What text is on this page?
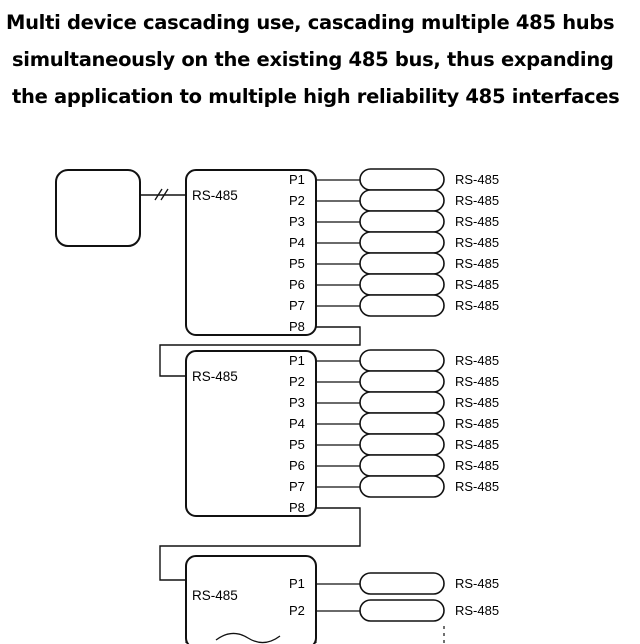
Multi device cascading use, cascading multiple 485 hubs
simultaneously on the existing 485 bus, thus expanding
the application to multiple high reliability 485 interfaces
RS-485
P1
P2
P3
P4
P5
P6
P7
P8
RS-485
RS-485
RS-485
RS-485
RS-485
RS-485
RS-485
RS-485
P1
P2
P3
P4
P5
P6
P7
P8
RS-485
RS-485
RS-485
RS-485
RS-485
RS-485
RS-485
RS-485
P1
P2
RS-485
RS-485
